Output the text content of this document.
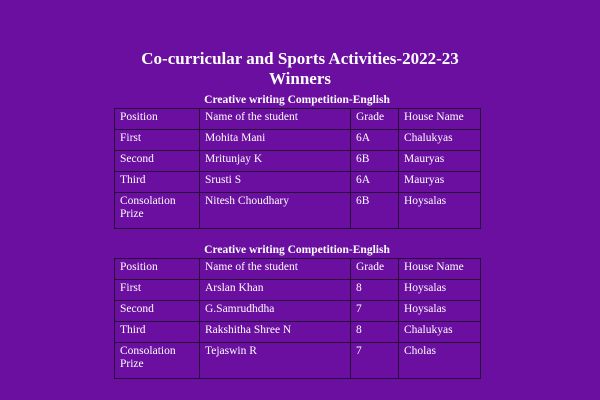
Co-curricular and Sports Activities-2022-23
Winners
Creative writing Competition-English
Position	Name of the student	Grade	House Name
First	Mohita Mani	6A	Chalukyas
Second	Mritunjay K	6B	Mauryas
Third	Srusti S	6A	Mauryas
Consolation Prize	Nitesh Choudhary	6B	Hoysalas
Creative writing Competition-English
Position	Name of the student	Grade	House Name
First	Arslan Khan	8	Hoysalas
Second	G.Samrudhdha	7	Hoysalas
Third	Rakshitha Shree N	8	Chalukyas
Consolation Prize	Tejaswin R	7	Cholas
